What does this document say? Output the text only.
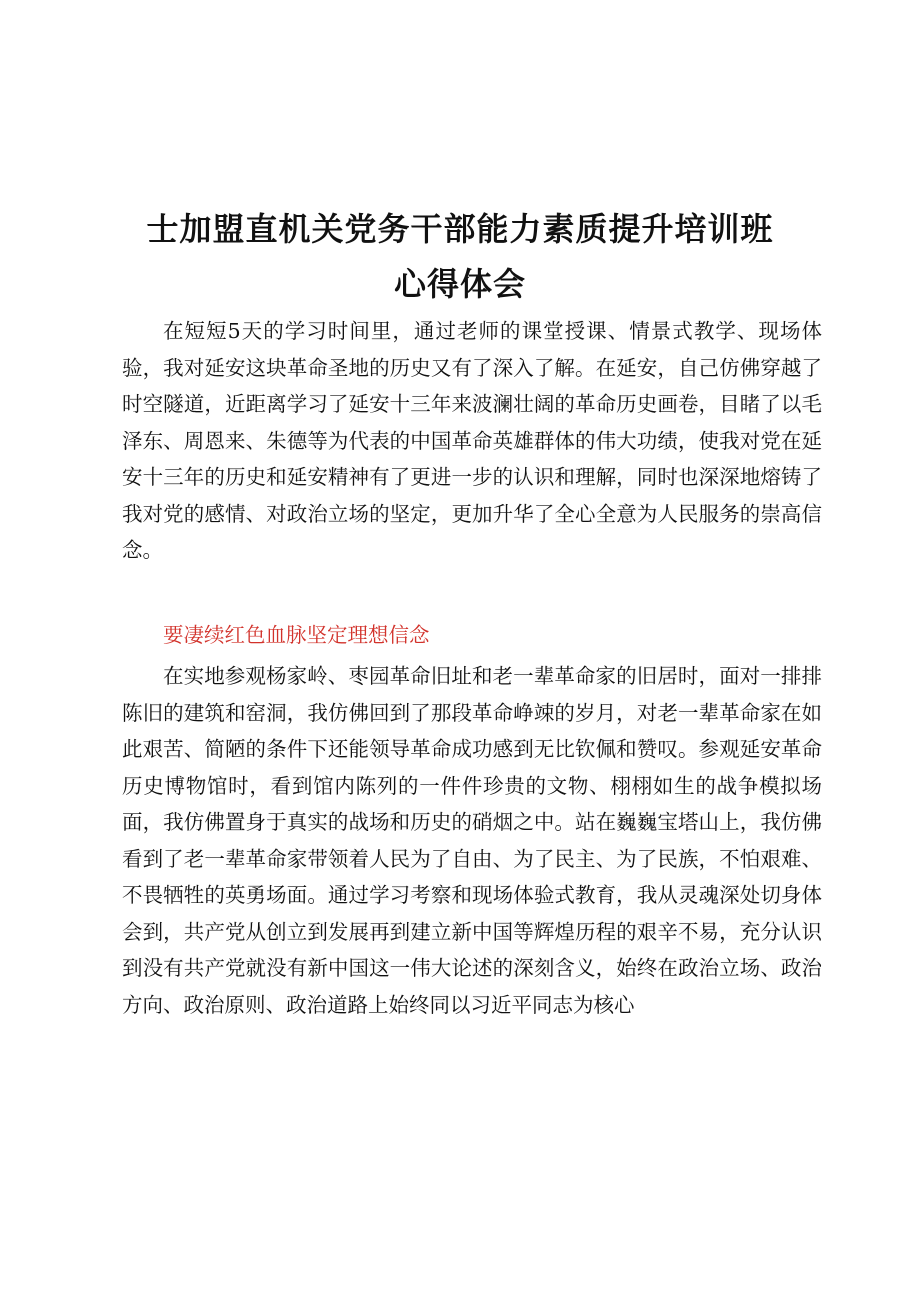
士加盟直机关党务干部能力素质提升培训班
心得体会

在短短5天的学习时间里，通过老师的课堂授课、情景式教学、现场体验，我对延安这块革命圣地的历史又有了深入了解。在延安，自己仿佛穿越了时空隧道，近距离学习了延安十三年来波澜壮阔的革命历史画卷，目睹了以毛泽东、周恩来、朱德等为代表的中国革命英雄群体的伟大功绩，使我对党在延安十三年的历史和延安精神有了更进一步的认识和理解，同时也深深地熔铸了我对党的感情、对政治立场的坚定，更加升华了全心全意为人民服务的崇高信念。

要凄续红色血脉坚定理想信念

在实地参观杨家岭、枣园革命旧址和老一辈革命家的旧居时，面对一排排陈旧的建筑和窑洞，我仿佛回到了那段革命峥竦的岁月，对老一辈革命家在如此艰苦、简陋的条件下还能领导革命成功感到无比钦佩和赞叹。参观延安革命历史博物馆时，看到馆内陈列的一件件珍贵的文物、栩栩如生的战争模拟场面，我仿佛置身于真实的战场和历史的硝烟之中。站在巍巍宝塔山上，我仿佛看到了老一辈革命家带领着人民为了自由、为了民主、为了民族，不怕艰难、不畏牺牲的英勇场面。通过学习考察和现场体验式教育，我从灵魂深处切身体会到，共产党从创立到发展再到建立新中国等辉煌历程的艰辛不易，充分认识到没有共产党就没有新中国这一伟大论述的深刻含义，始终在政治立场、政治方向、政治原则、政治道路上始终同以习近平同志为核心
